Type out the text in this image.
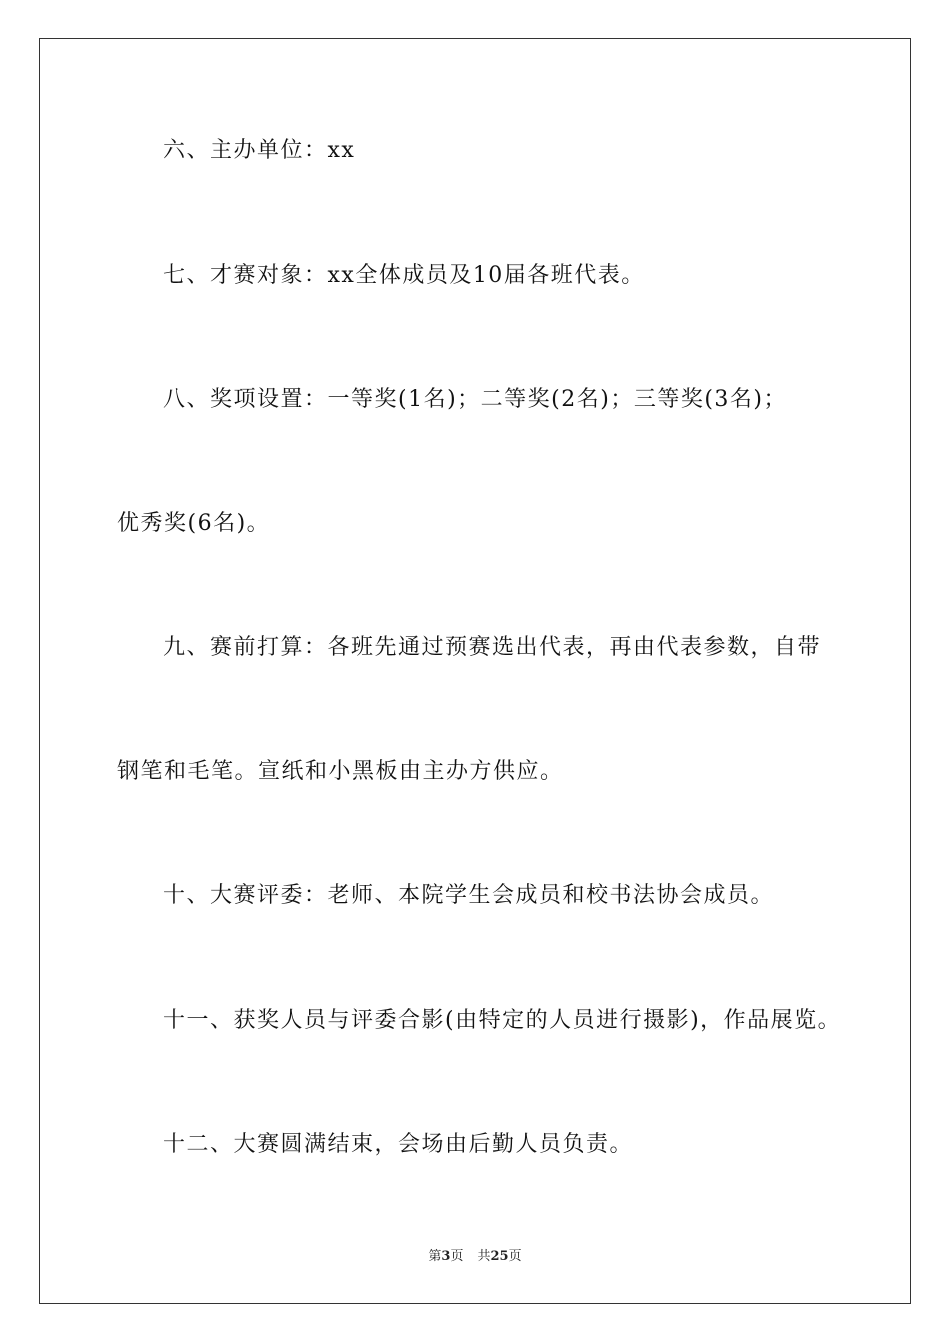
六、主办单位：xx
七、才赛对象：xx全体成员及10届各班代表。
八、奖项设置：一等奖(1名)；二等奖(2名)；三等奖(3名)；
优秀奖(6名)。
九、赛前打算：各班先通过预赛选出代表，再由代表参数，自带
钢笔和毛笔。宣纸和小黑板由主办方供应。
十、大赛评委：老师、本院学生会成员和校书法协会成员。
十一、获奖人员与评委合影(由特定的人员进行摄影)，作品展览。
十二、大赛圆满结束，会场由后勤人员负责。
第3页 共25页
